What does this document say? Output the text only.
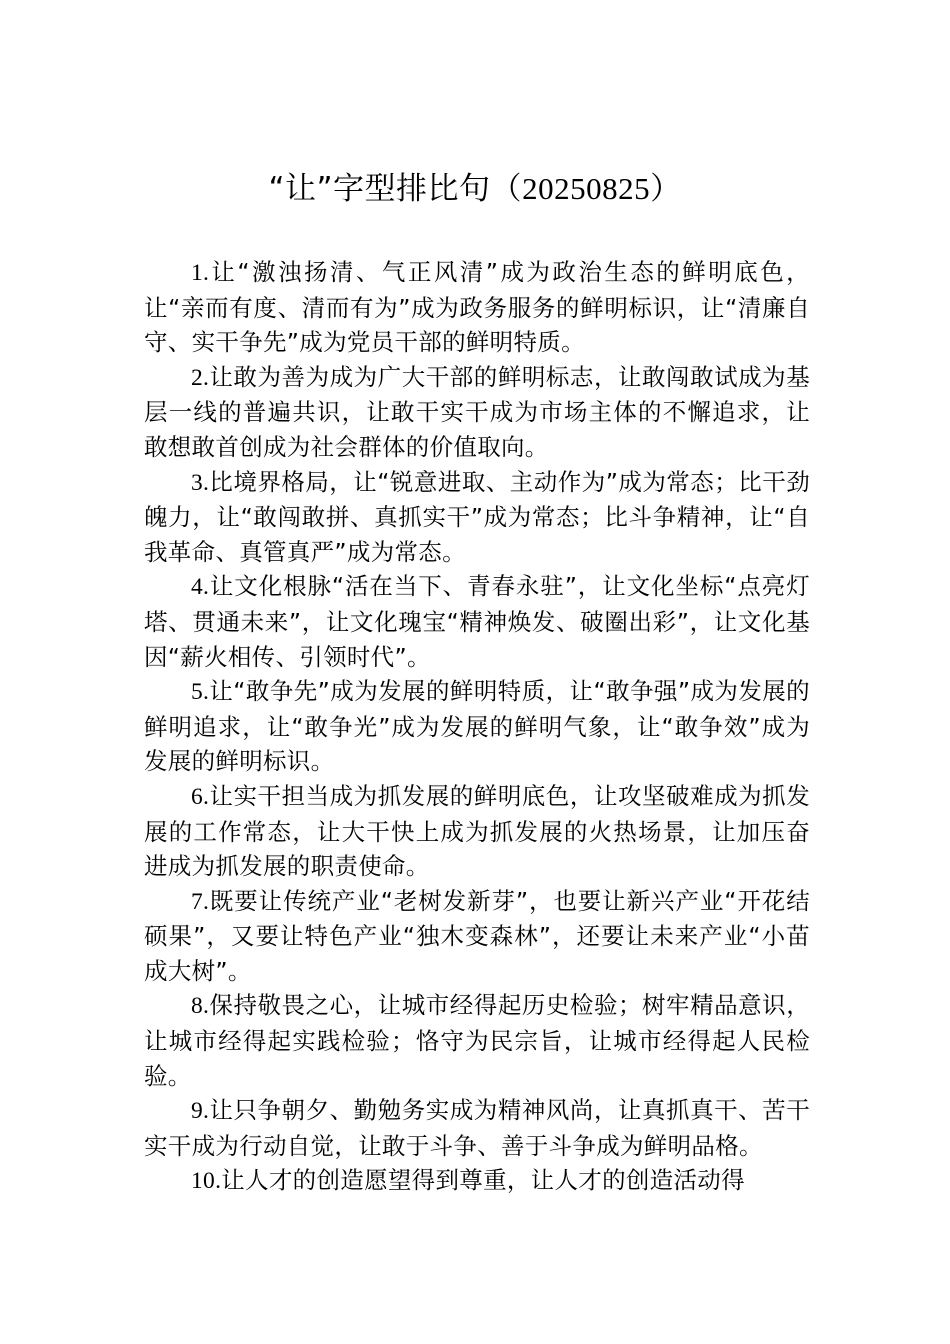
“让”字型排比句（20250825）

1.让“激浊扬清、气正风清”成为政治生态的鲜明底色，让“亲而有度、清而有为”成为政务服务的鲜明标识，让“清廉自守、实干争先”成为党员干部的鲜明特质。

2.让敢为善为成为广大干部的鲜明标志，让敢闯敢试成为基层一线的普遍共识，让敢干实干成为市场主体的不懈追求，让敢想敢首创成为社会群体的价值取向。

3.比境界格局，让“锐意进取、主动作为”成为常态；比干劲魄力，让“敢闯敢拼、真抓实干”成为常态；比斗争精神，让“自我革命、真管真严”成为常态。

4.让文化根脉“活在当下、青春永驻”，让文化坐标“点亮灯塔、贯通未来”，让文化瑰宝“精神焕发、破圈出彩”，让文化基因“薪火相传、引领时代”。

5.让“敢争先”成为发展的鲜明特质，让“敢争强”成为发展的鲜明追求，让“敢争光”成为发展的鲜明气象，让“敢争效”成为发展的鲜明标识。

6.让实干担当成为抓发展的鲜明底色，让攻坚破难成为抓发展的工作常态，让大干快上成为抓发展的火热场景，让加压奋进成为抓发展的职责使命。

7.既要让传统产业“老树发新芽”，也要让新兴产业“开花结硕果”，又要让特色产业“独木变森林”，还要让未来产业“小苗成大树”。

8.保持敬畏之心，让城市经得起历史检验；树牢精品意识，让城市经得起实践检验；恪守为民宗旨，让城市经得起人民检验。

9.让只争朝夕、勤勉务实成为精神风尚，让真抓真干、苦干实干成为行动自觉，让敢于斗争、善于斗争成为鲜明品格。

10.让人才的创造愿望得到尊重，让人才的创造活动得
